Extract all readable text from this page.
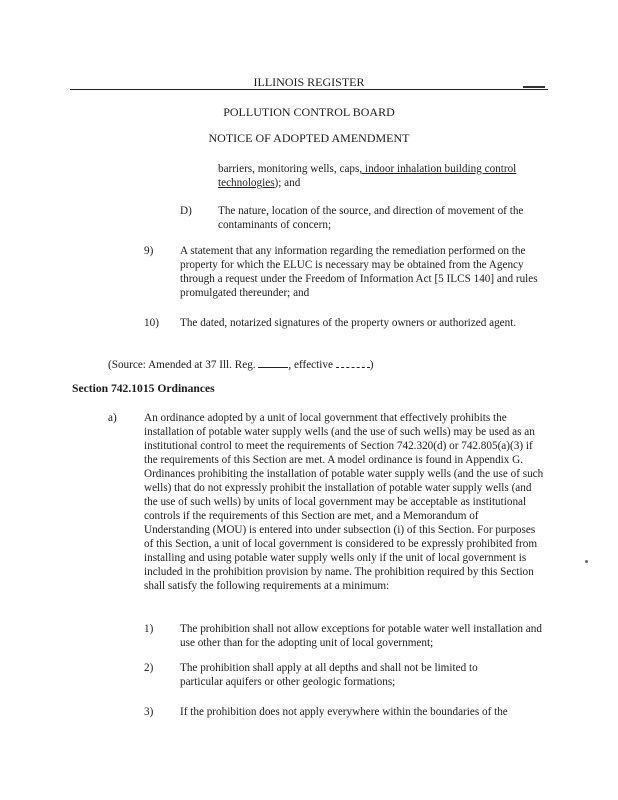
ILLINOIS REGISTER
POLLUTION CONTROL BOARD
NOTICE OF ADOPTED AMENDMENT
barriers, monitoring wells, caps, indoor inhalation building control technologies); and
D) The nature, location of the source, and direction of movement of the contaminants of concern;
9) A statement that any information regarding the remediation performed on the property for which the ELUC is necessary may be obtained from the Agency through a request under the Freedom of Information Act [5 ILCS 140] and rules promulgated thereunder; and
10) The dated, notarized signatures of the property owners or authorized agent.
(Source: Amended at 37 Ill. Reg.	, effective	)
Section 742.1015 Ordinances
a) An ordinance adopted by a unit of local government that effectively prohibits the installation of potable water supply wells (and the use of such wells) may be used as an institutional control to meet the requirements of Section 742.320(d) or 742.805(a)(3) if the requirements of this Section are met. A model ordinance is found in Appendix G. Ordinances prohibiting the installation of potable water supply wells (and the use of such wells) that do not expressly prohibit the installation of potable water supply wells (and the use of such wells) by units of local government may be acceptable as institutional controls if the requirements of this Section are met, and a Memorandum of Understanding (MOU) is entered into under subsection (i) of this Section. For purposes of this Section, a unit of local government is considered to be expressly prohibited from installing and using potable water supply wells only if the unit of local government is included in the prohibition provision by name. The prohibition required by this Section shall satisfy the following requirements at a minimum:
1) The prohibition shall not allow exceptions for potable water well installation and use other than for the adopting unit of local government;
2) The prohibition shall apply at all depths and shall not be limited to particular aquifers or other geologic formations;
3) If the prohibition does not apply everywhere within the boundaries of the
